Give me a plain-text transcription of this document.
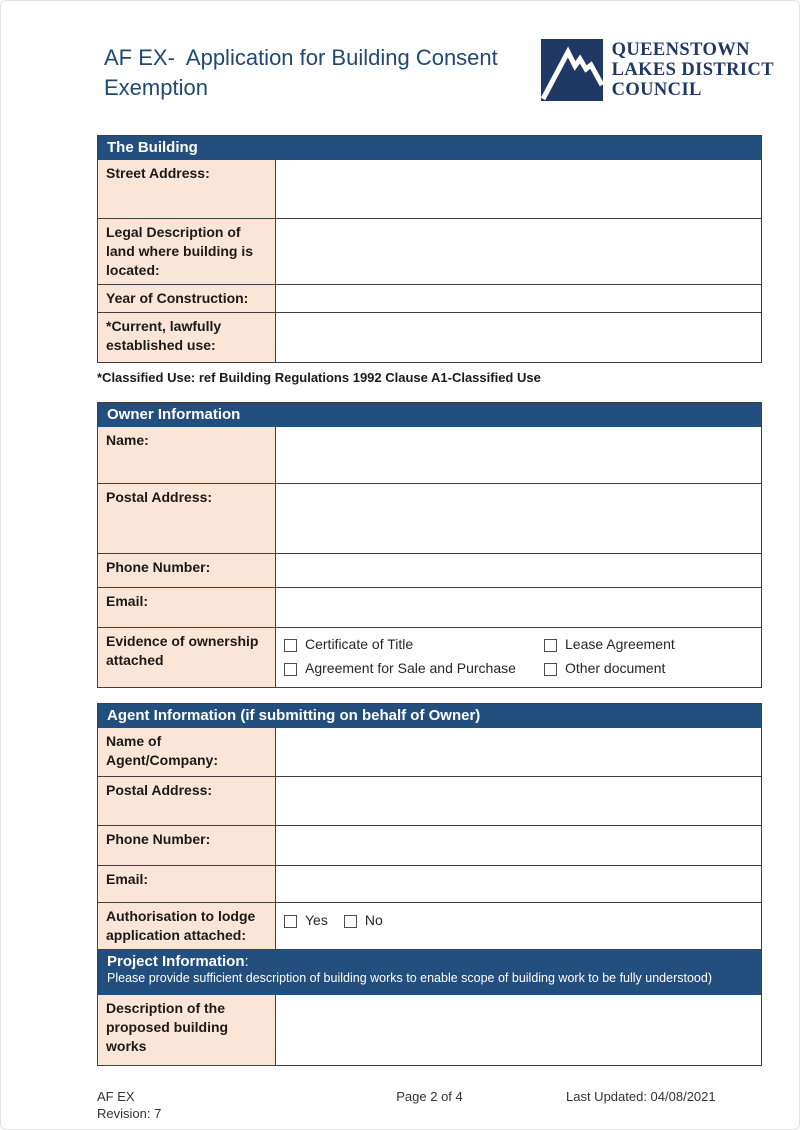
AF EX-  Application for Building Consent Exemption
QUEENSTOWN
LAKES DISTRICT
COUNCIL
The Building
Street Address:
Legal Description of land where building is located:
Year of Construction:
*Current, lawfully established use:
*Classified Use: ref Building Regulations 1992 Clause A1-Classified Use
Owner Information
Name:
Postal Address:
Phone Number:
Email:
Evidence of ownership attached
Certificate of Title	Lease Agreement
Agreement for Sale and Purchase	Other document
Agent Information (if submitting on behalf of Owner)
Name of Agent/Company:
Postal Address:
Phone Number:
Email:
Authorisation to lodge application attached:
Yes	No
Project Information:
Please provide sufficient description of building works to enable scope of building work to be fully understood)
Description of the proposed building works
AF EX
Revision: 7
Page 2 of 4	Last Updated: 04/08/2021
